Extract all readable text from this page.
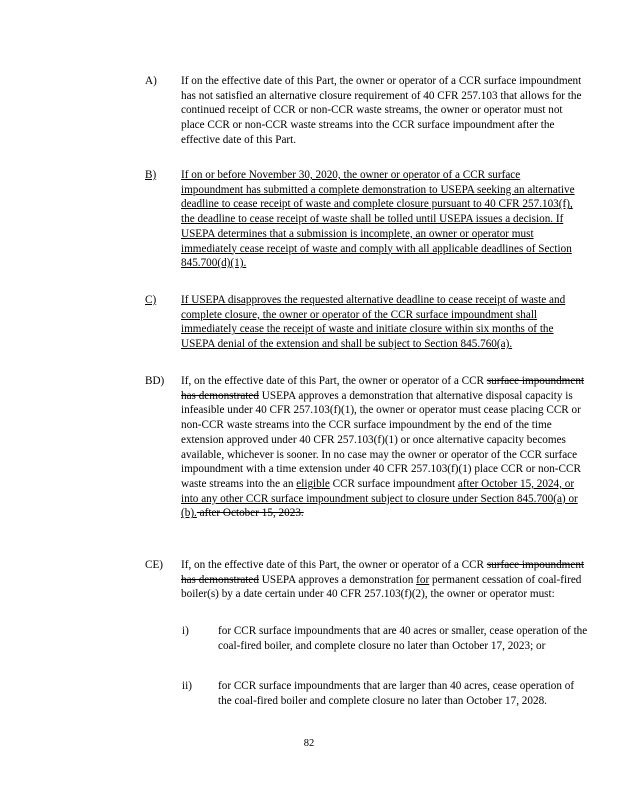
A) If on the effective date of this Part, the owner or operator of a CCR surface impoundment has not satisfied an alternative closure requirement of 40 CFR 257.103 that allows for the continued receipt of CCR or non-CCR waste streams, the owner or operator must not place CCR or non-CCR waste streams into the CCR surface impoundment after the effective date of this Part.
B) If on or before November 30, 2020, the owner or operator of a CCR surface impoundment has submitted a complete demonstration to USEPA seeking an alternative deadline to cease receipt of waste and complete closure pursuant to 40 CFR 257.103(f), the deadline to cease receipt of waste shall be tolled until USEPA issues a decision. If USEPA determines that a submission is incomplete, an owner or operator must immediately cease receipt of waste and comply with all applicable deadlines of Section 845.700(d)(1).
C) If USEPA disapproves the requested alternative deadline to cease receipt of waste and complete closure, the owner or operator of the CCR surface impoundment shall immediately cease the receipt of waste and initiate closure within six months of the USEPA denial of the extension and shall be subject to Section 845.760(a).
BD) If, on the effective date of this Part, the owner or operator of a CCR surface impoundment has demonstrated USEPA approves a demonstration that alternative disposal capacity is infeasible under 40 CFR 257.103(f)(1), the owner or operator must cease placing CCR or non-CCR waste streams into the CCR surface impoundment by the end of the time extension approved under 40 CFR 257.103(f)(1) or once alternative capacity becomes available, whichever is sooner. In no case may the owner or operator of the CCR surface impoundment with a time extension under 40 CFR 257.103(f)(1) place CCR or non-CCR waste streams into the an eligible CCR surface impoundment after October 15, 2024, or into any other CCR surface impoundment subject to closure under Section 845.700(a) or (b). after October 15, 2023.
CE) If, on the effective date of this Part, the owner or operator of a CCR surface impoundment has demonstrated USEPA approves a demonstration for permanent cessation of coal-fired boiler(s) by a date certain under 40 CFR 257.103(f)(2), the owner or operator must:
i)	for CCR surface impoundments that are 40 acres or smaller, cease operation of the coal-fired boiler, and complete closure no later than October 17, 2023; or
ii) for CCR surface impoundments that are larger than 40 acres, cease operation of the coal-fired boiler and complete closure no later than October 17, 2028.
82
